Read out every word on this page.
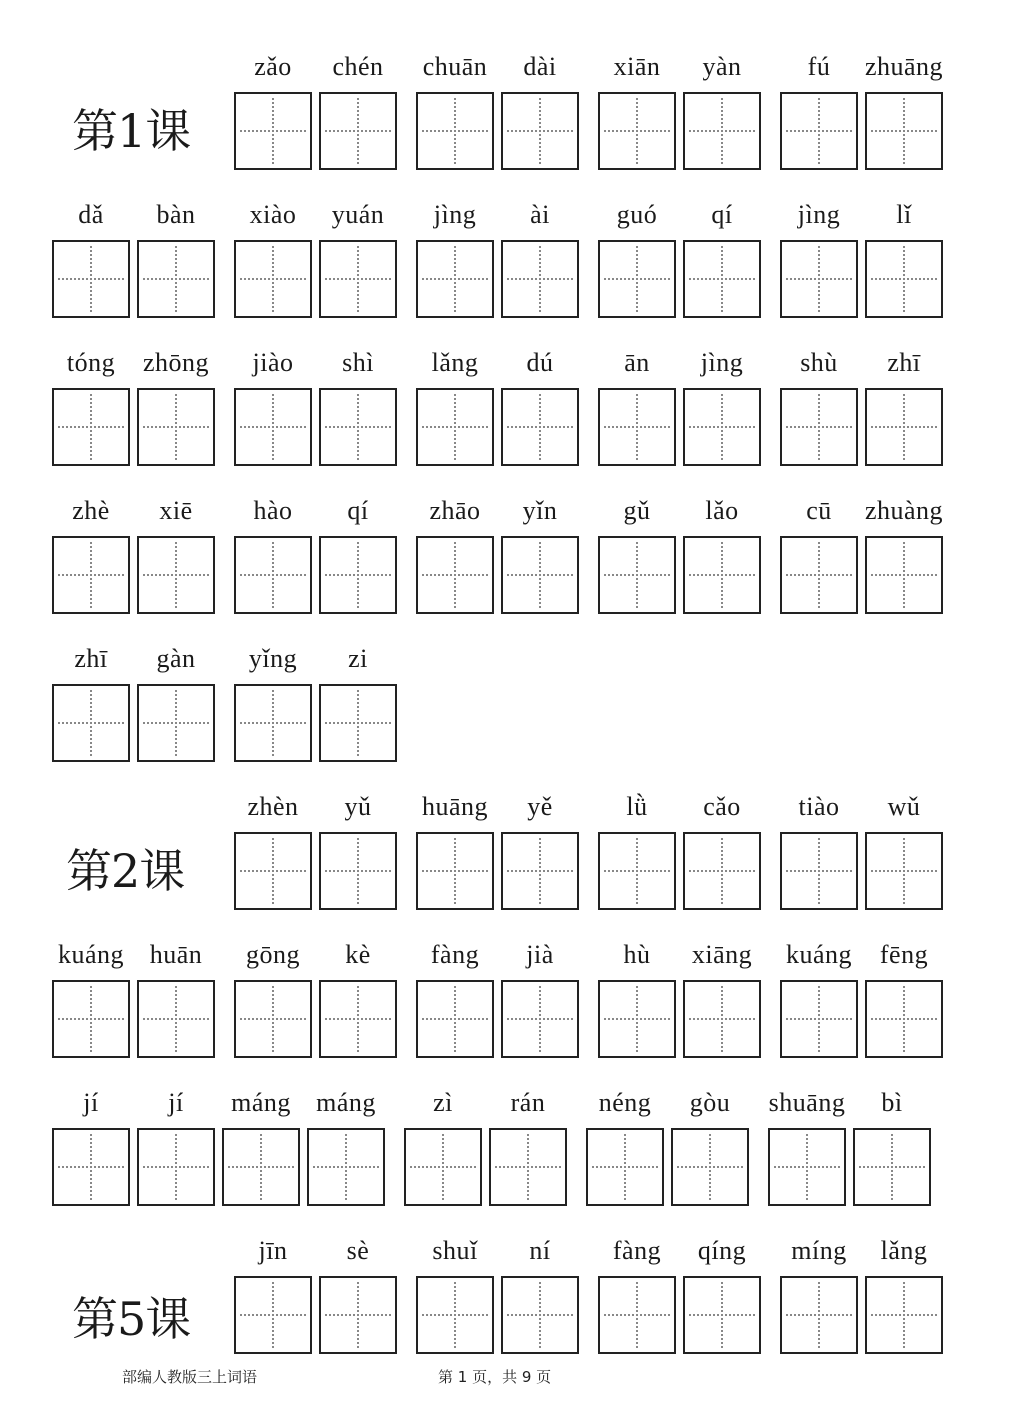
第1课
zǎo chén chuān dài xiān yàn	fú zhuāng
dǎ bàn xiào yuán jìng ài	guó qí	jìng lǐ
tóng zhōng jiào shì lǎng dú	ān jìng shù zhī
zhè xiē hào qí zhāo yǐn	gǔ lǎo	cū zhuàng
zhī gàn yǐng zi
第2课
zhèn yǔ huāng yě	lǜ cǎo tiào wǔ
kuáng huān gōng kè fàng jià	hù xiāng kuáng fēng
jí	jí máng máng zì rán néng gòu shuāng bì
第5课
jīn sè shuǐ ní fàng qíng míng lǎng
部编人教版三上词语	第 1 页，共 9 页
